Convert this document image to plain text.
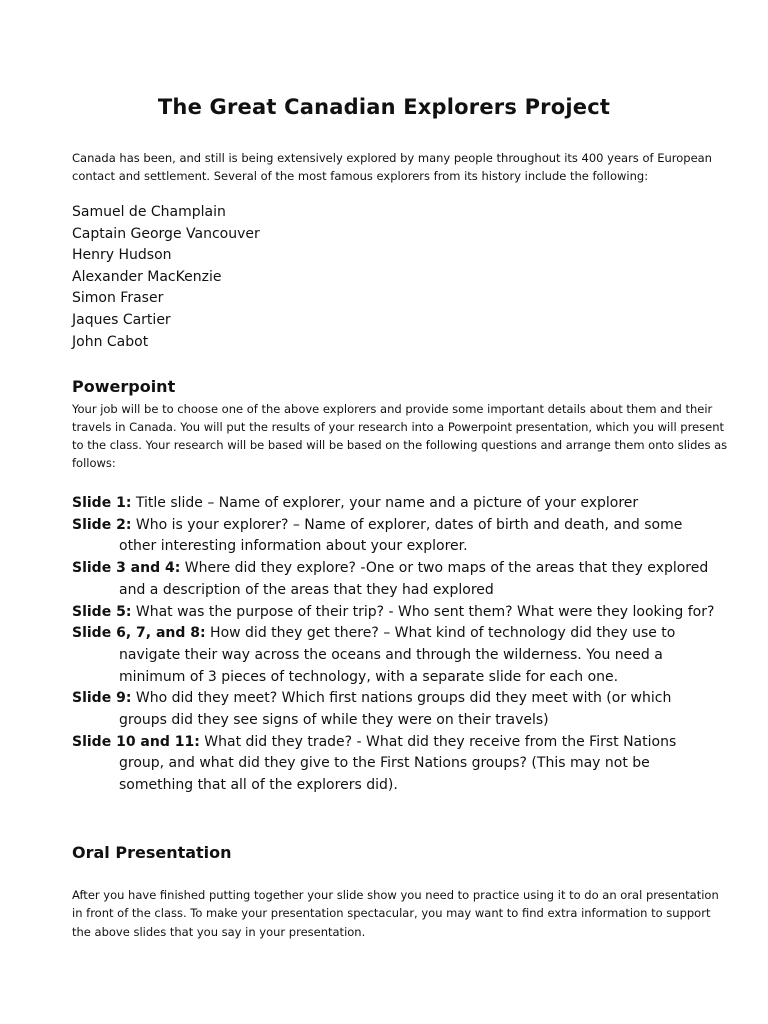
The Great Canadian Explorers Project
Canada has been, and still is being extensively explored by many people throughout its 400 years of European contact and settlement. Several of the most famous explorers from its history include the following:
Samuel de Champlain
Captain George Vancouver
Henry Hudson
Alexander MacKenzie
Simon Fraser
Jaques Cartier
John Cabot
Powerpoint
Your job will be to choose one of the above explorers and provide some important details about them and their travels in Canada. You will put the results of your research into a Powerpoint presentation, which you will present to the class. Your research will be based will be based on the following questions and arrange them onto slides as follows:
Slide 1: Title slide – Name of explorer, your name and a picture of your explorer
Slide 2: Who is your explorer? – Name of explorer, dates of birth and death, and some other interesting information about your explorer.
Slide 3 and 4: Where did they explore? -One or two maps of the areas that they explored and a description of the areas that they had explored
Slide 5: What was the purpose of their trip? - Who sent them? What were they looking for?
Slide 6, 7, and 8: How did they get there? – What kind of technology did they use to navigate their way across the oceans and through the wilderness. You need a minimum of 3 pieces of technology, with a separate slide for each one.
Slide 9: Who did they meet? Which first nations groups did they meet with (or which groups did they see signs of while they were on their travels)
Slide 10 and 11: What did they trade? - What did they receive from the First Nations group, and what did they give to the First Nations groups? (This may not be something that all of the explorers did).
Oral Presentation
After you have finished putting together your slide show you need to practice using it to do an oral presentation in front of the class. To make your presentation spectacular, you may want to find extra information to support the above slides that you say in your presentation.
